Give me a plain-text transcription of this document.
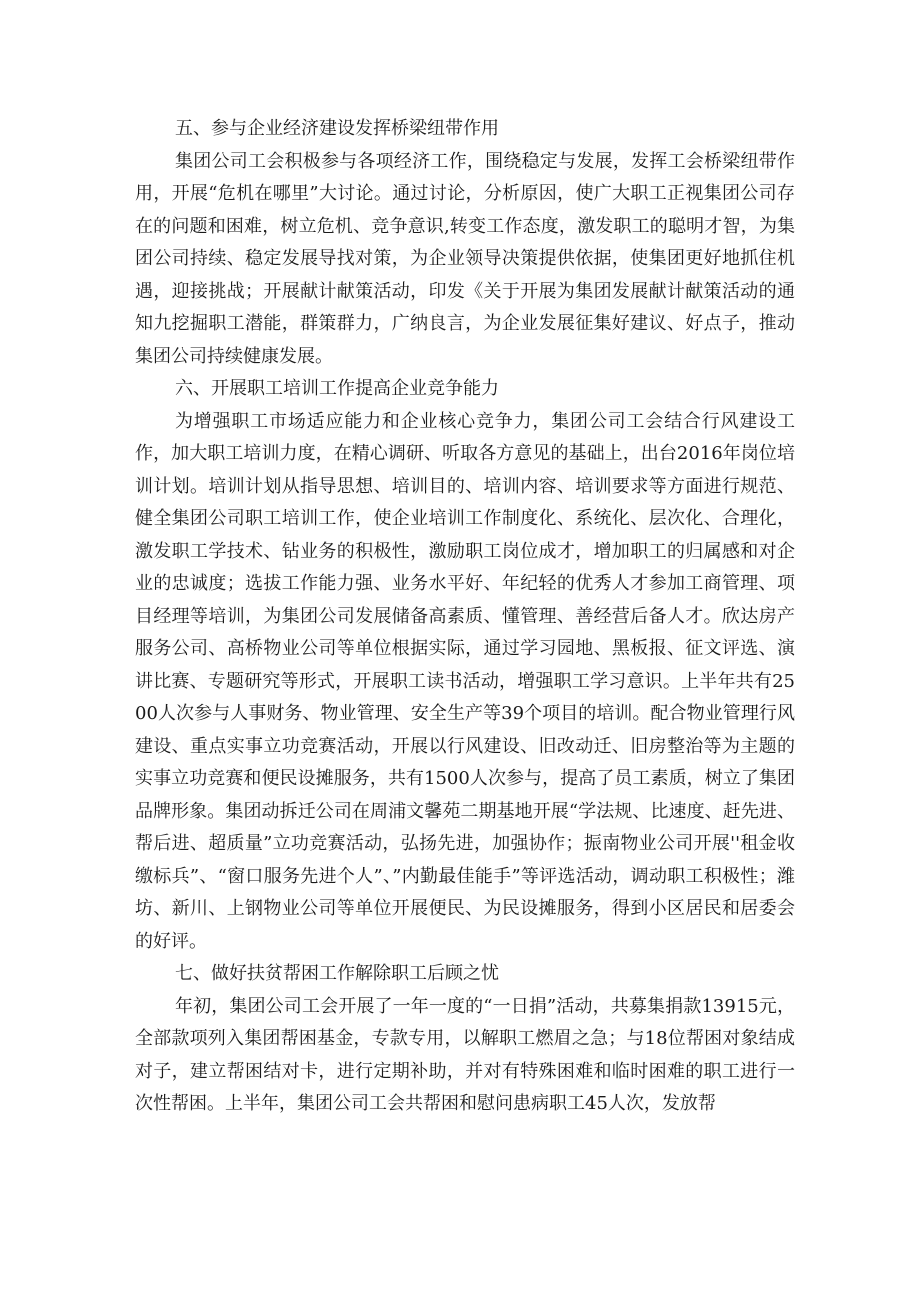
五、参与企业经济建设发挥桥梁纽带作用

集团公司工会积极参与各项经济工作，围绕稳定与发展，发挥工会桥梁纽带作用，开展“危机在哪里”大讨论。通过讨论，分析原因，使广大职工正视集团公司存在的问题和困难，树立危机、竞争意识,转变工作态度，激发职工的聪明才智，为集团公司持续、稳定发展导找对策，为企业领导决策提供依据，使集团更好地抓住机遇，迎接挑战；开展献计献策活动，印发《关于开展为集团发展献计献策活动的通知九挖掘职工潜能，群策群力，广纳良言，为企业发展征集好建议、好点子，推动集团公司持续健康发展。

六、开展职工培训工作提高企业竞争能力

为增强职工市场适应能力和企业核心竞争力，集团公司工会结合行风建设工作，加大职工培训力度，在精心调研、听取各方意见的基础上，出台2016年岗位培训计划。培训计划从指导思想、培训目的、培训内容、培训要求等方面进行规范、健全集团公司职工培训工作，使企业培训工作制度化、系统化、层次化、合理化，激发职工学技术、钻业务的积极性，激励职工岗位成才，增加职工的归属感和对企业的忠诚度；选拔工作能力强、业务水平好、年纪轻的优秀人才参加工商管理、项目经理等培训，为集团公司发展储备高素质、懂管理、善经营后备人才。欣达房产服务公司、高桥物业公司等单位根据实际，通过学习园地、黑板报、征文评选、演讲比赛、专题研究等形式，开展职工读书活动，增强职工学习意识。上半年共有2500人次参与人事财务、物业管理、安全生产等39个项目的培训。配合物业管理行风建设、重点实事立功竞赛活动，开展以行风建设、旧改动迁、旧房整治等为主题的实事立功竞赛和便民设摊服务，共有1500人次参与，提高了员工素质，树立了集团品牌形象。集团动拆迁公司在周浦文馨苑二期基地开展“学法规、比速度、赶先进、帮后进、超质量”立功竞赛活动，弘扬先进，加强协作；振南物业公司开展''租金收缴标兵”、“窗口服务先进个人”、”内勤最佳能手”等评选活动，调动职工积极性；潍坊、新川、上钢物业公司等单位开展便民、为民设摊服务，得到小区居民和居委会的好评。

七、做好扶贫帮困工作解除职工后顾之忧

年初，集团公司工会开展了一年一度的“一日捐”活动，共募集捐款13915元，全部款项列入集团帮困基金，专款专用，以解职工燃眉之急；与18位帮困对象结成对子，建立帮困结对卡，进行定期补助，并对有特殊困难和临时困难的职工进行一次性帮困。上半年，集团公司工会共帮困和慰问患病职工45人次，发放帮
